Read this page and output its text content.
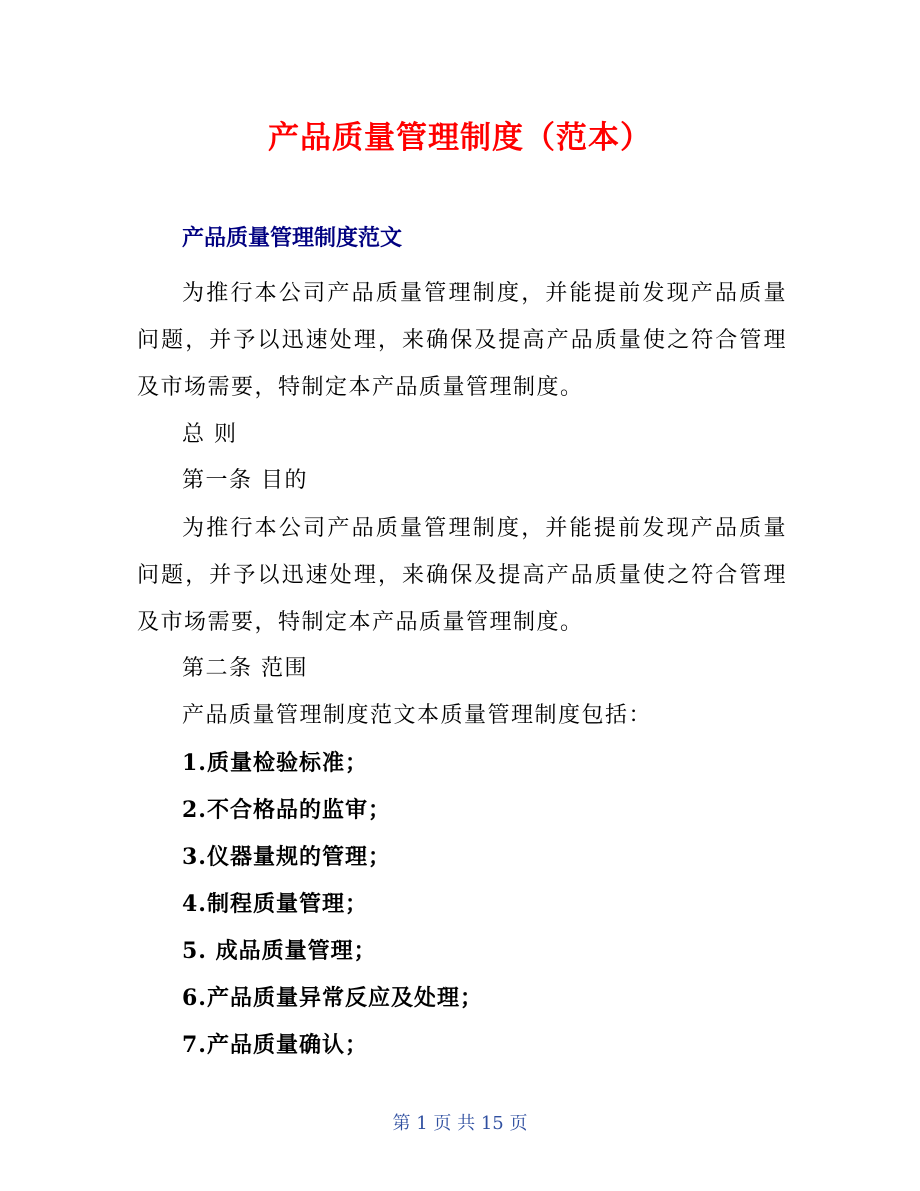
产品质量管理制度（范本）
产品质量管理制度范文

为推行本公司产品质量管理制度，并能提前发现产品质量问题，并予以迅速处理，来确保及提高产品质量使之符合管理及市场需要，特制定本产品质量管理制度。

总 则
第一条 目的

为推行本公司产品质量管理制度，并能提前发现产品质量问题，并予以迅速处理，来确保及提高产品质量使之符合管理及市场需要，特制定本产品质量管理制度。

第二条 范围
产品质量管理制度范文本质量管理制度包括：
1.质量检验标准；
2.不合格品的监审；
3.仪器量规的管理；
4.制程质量管理；
5. 成品质量管理；
6.产品质量异常反应及处理；
7.产品质量确认；
第 1 页 共 15 页
